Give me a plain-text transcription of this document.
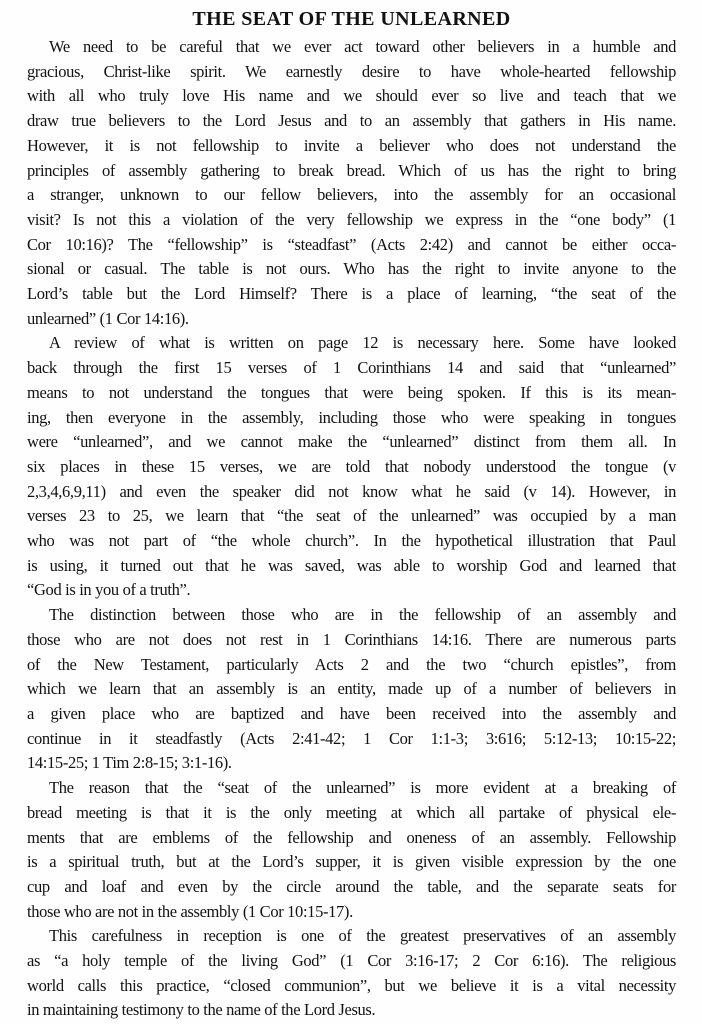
THE SEAT OF THE UNLEARNED
We need to be careful that we ever act toward other believers in a humble and
gracious, Christ-like spirit. We earnestly desire to have whole-hearted fellowship
with all who truly love His name and we should ever so live and teach that we
draw true believers to the Lord Jesus and to an assembly that gathers in His name.
However, it is not fellowship to invite a believer who does not understand the
principles of assembly gathering to break bread. Which of us has the right to bring
a stranger, unknown to our fellow believers, into the assembly for an occasional
visit? Is not this a violation of the very fellowship we express in the “one body” (1
Cor 10:16)? The “fellowship” is “steadfast” (Acts 2:42) and cannot be either occa-
sional or casual. The table is not ours. Who has the right to invite anyone to the
Lord’s table but the Lord Himself? There is a place of learning, “the seat of the
unlearned” (1 Cor 14:16).
A review of what is written on page 12 is necessary here. Some have looked
back through the first 15 verses of 1 Corinthians 14 and said that “unlearned”
means to not understand the tongues that were being spoken. If this is its mean-
ing, then everyone in the assembly, including those who were speaking in tongues
were “unlearned”, and we cannot make the “unlearned” distinct from them all. In
six places in these 15 verses, we are told that nobody understood the tongue (v
2,3,4,6,9,11) and even the speaker did not know what he said (v 14). However, in
verses 23 to 25, we learn that “the seat of the unlearned” was occupied by a man
who was not part of “the whole church”. In the hypothetical illustration that Paul
is using, it turned out that he was saved, was able to worship God and learned that
“God is in you of a truth”.
The distinction between those who are in the fellowship of an assembly and
those who are not does not rest in 1 Corinthians 14:16. There are numerous parts
of the New Testament, particularly Acts 2 and the two “church epistles”, from
which we learn that an assembly is an entity, made up of a number of believers in
a given place who are baptized and have been received into the assembly and
continue in it steadfastly (Acts 2:41-42; 1 Cor 1:1-3; 3:616; 5:12-13; 10:15-22;
14:15-25; 1 Tim 2:8-15; 3:1-16).
The reason that the “seat of the unlearned” is more evident at a breaking of
bread meeting is that it is the only meeting at which all partake of physical ele-
ments that are emblems of the fellowship and oneness of an assembly. Fellowship
is a spiritual truth, but at the Lord’s supper, it is given visible expression by the one
cup and loaf and even by the circle around the table, and the separate seats for
those who are not in the assembly (1 Cor 10:15-17).
This carefulness in reception is one of the greatest preservatives of an assembly
as “a holy temple of the living God” (1 Cor 3:16-17; 2 Cor 6:16). The religious
world calls this practice, “closed communion”, but we believe it is a vital necessity
in maintaining testimony to the name of the Lord Jesus.
